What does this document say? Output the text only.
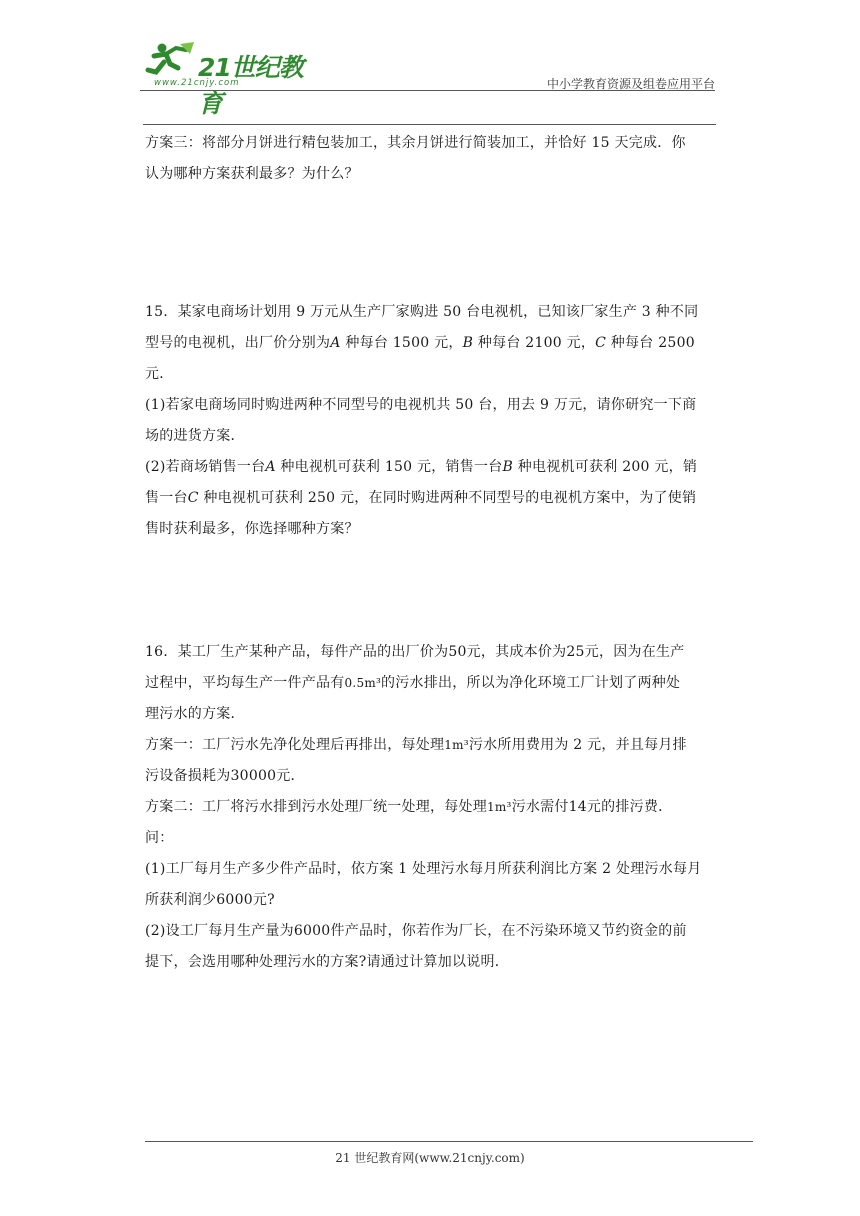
21世纪教育
www.21cnjy.com	中小学教育资源及组卷应用平台

方案三：将部分月饼进行精包装加工，其余月饼进行简装加工，并恰好 15 天完成．你

认为哪种方案获利最多？为什么？

15．某家电商场计划用 9 万元从生产厂家购进 50 台电视机，已知该厂家生产 3 种不同

型号的电视机，出厂价分别为A 种每台 1500 元，B 种每台 2100 元，C 种每台 2500 元．

(1)若家电商场同时购进两种不同型号的电视机共 50 台，用去 9 万元，请你研究一下商

场的进货方案．

(2)若商场销售一台A 种电视机可获利 150 元，销售一台B 种电视机可获利 200 元，销

售一台C 种电视机可获利 250 元，在同时购进两种不同型号的电视机方案中，为了使销

售时获利最多，你选择哪种方案？

16．某工厂生产某种产品，每件产品的出厂价为50元，其成本价为25元，因为在生产

过程中，平均每生产一件产品有0.5m³的污水排出，所以为净化环境工厂计划了两种处

理污水的方案．

方案一：工厂污水先净化处理后再排出，每处理1m³污水所用费用为 2 元，并且每月排

污设备损耗为30000元．

方案二：工厂将污水排到污水处理厂统一处理，每处理1m³污水需付14元的排污费．

问：

(1)工厂每月生产多少件产品时，依方案 1 处理污水每月所获利润比方案 2 处理污水每月

所获利润少6000元?

(2)设工厂每月生产量为6000件产品时，你若作为厂长，在不污染环境又节约资金的前

提下，会选用哪种处理污水的方案?请通过计算加以说明．

21 世纪教育网(www.21cnjy.com)
